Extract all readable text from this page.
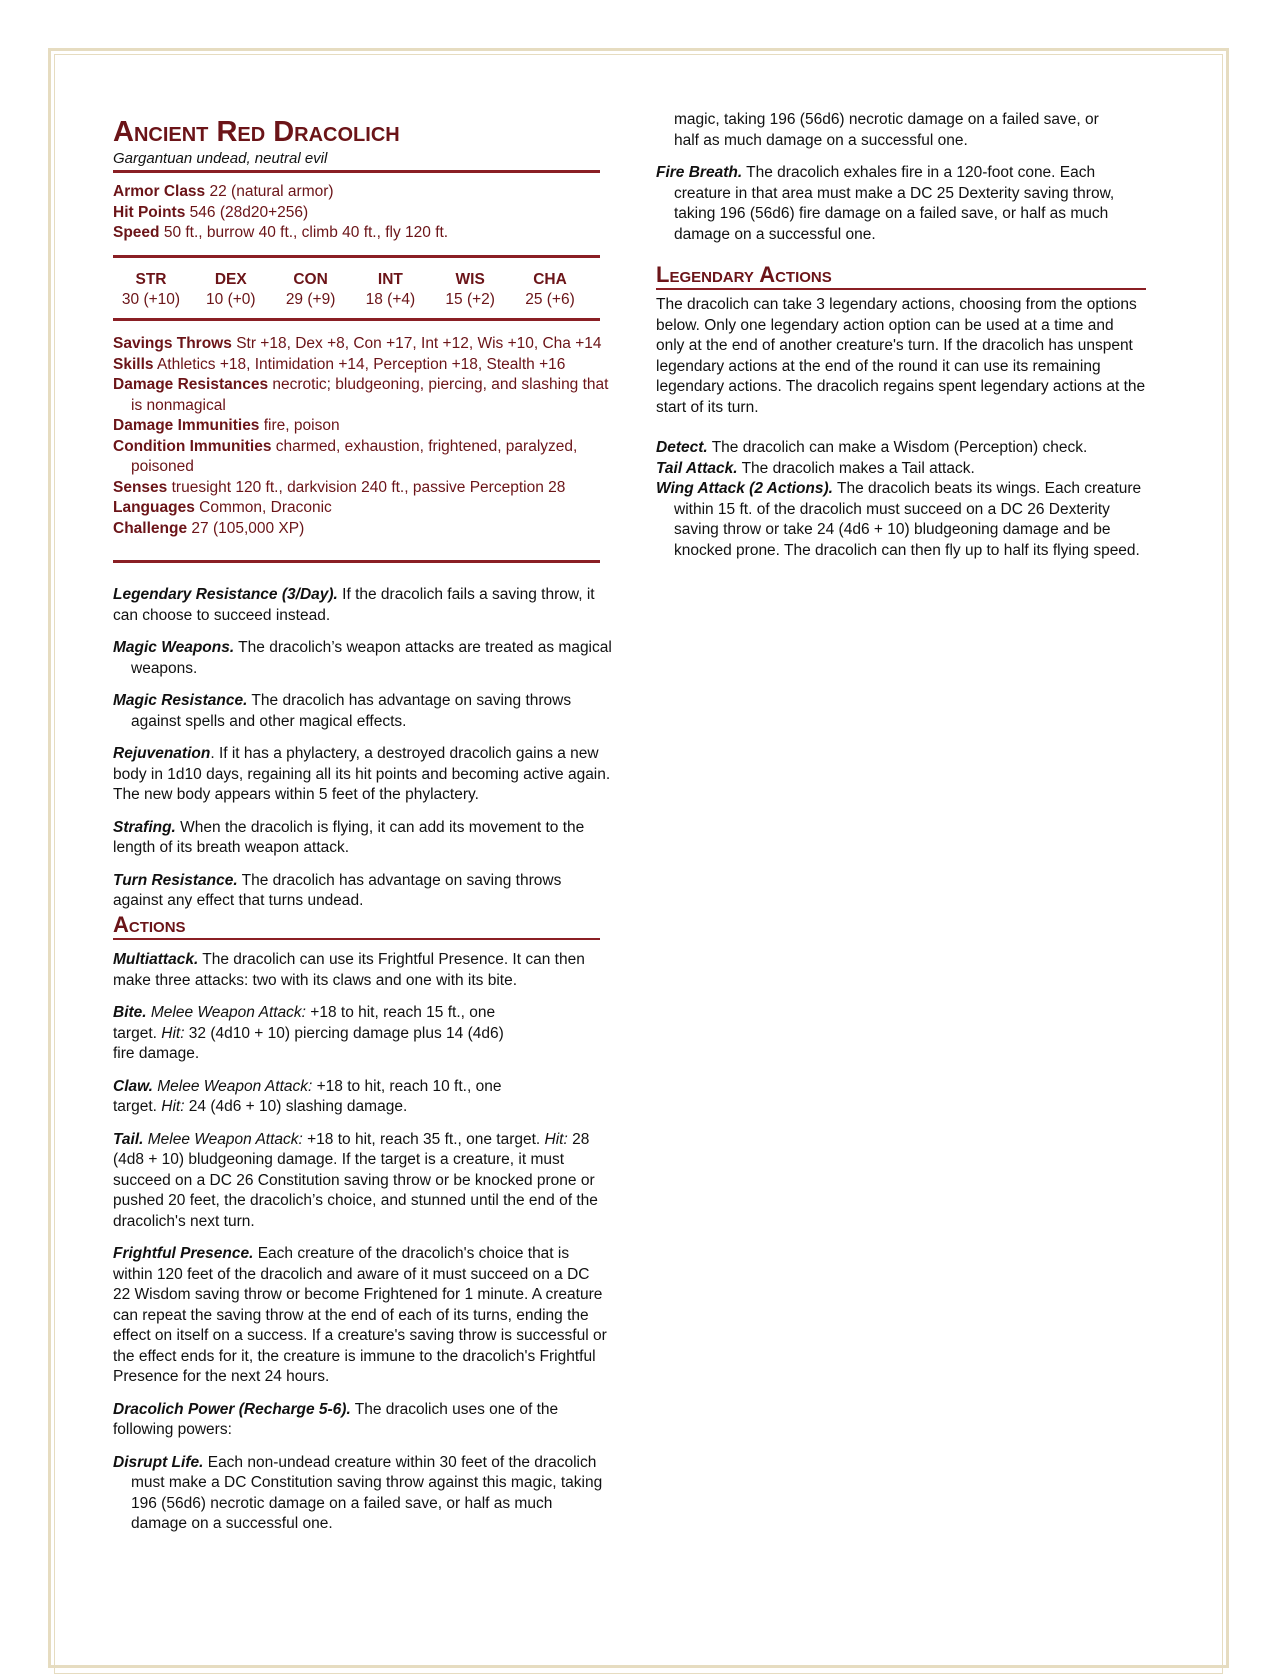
Ancient Red Dracolich

Gargantuan undead, neutral evil

Armor Class 22 (natural armor)

Hit Points 546 (28d20+256)

Speed 50 ft., burrow 40 ft., climb 40 ft., fly 120 ft.

STR
30 (+10)
DEX
10 (+0)
CON
29 (+9)
INT
18 (+4)
WIS
15 (+2)
CHA
25 (+6)

Savings Throws Str +18, Dex +8, Con +17, Int +12, Wis +10, Cha +14

Skills Athletics +18, Intimidation +14, Perception +18, Stealth +16

Damage Resistances necrotic; bludgeoning, piercing, and slashing that is nonmagical

Damage Immunities fire, poison

Condition Immunities charmed, exhaustion, frightened, paralyzed, poisoned

Senses truesight 120 ft., darkvision 240 ft., passive Perception 28

Languages Common, Draconic

Challenge 27 (105,000 XP)

Legendary Resistance (3/Day). If the dracolich fails a saving throw, it can choose to succeed instead.

Magic Weapons. The dracolich’s weapon attacks are treated as magical weapons.

Magic Resistance. The dracolich has advantage on saving throws against spells and other magical effects.

Rejuvenation. If it has a phylactery, a destroyed dracolich gains a new body in 1d10 days, regaining all its hit points and becoming active again. The new body appears within 5 feet of the phylactery.

Strafing. When the dracolich is flying, it can add its movement to the length of its breath weapon attack.

Turn Resistance. The dracolich has advantage on saving throws against any effect that turns undead.

Actions

Multiattack. The dracolich can use its Frightful Presence. It can then make three attacks: two with its claws and one with its bite.

Bite. Melee Weapon Attack: +18 to hit, reach 15 ft., one target. Hit: 32 (4d10 + 10) piercing damage plus 14 (4d6) fire damage.

Claw. Melee Weapon Attack: +18 to hit, reach 10 ft., one target. Hit: 24 (4d6 + 10) slashing damage.

Tail. Melee Weapon Attack: +18 to hit, reach 35 ft., one target. Hit: 28 (4d8 + 10) bludgeoning damage. If the target is a creature, it must succeed on a DC 26 Constitution saving throw or be knocked prone or pushed 20 feet, the dracolich’s choice, and stunned until the end of the dracolich's next turn.

Frightful Presence. Each creature of the dracolich's choice that is within 120 feet of the dracolich and aware of it must succeed on a DC 22 Wisdom saving throw or become Frightened for 1 minute. A creature can repeat the saving throw at the end of each of its turns, ending the effect on itself on a success. If a creature's saving throw is successful or the effect ends for it, the creature is immune to the dracolich's Frightful Presence for the next 24 hours.

Dracolich Power (Recharge 5-6). The dracolich uses one of the following powers:

Disrupt Life. Each non-undead creature within 30 feet of the dracolich must make a DC Constitution saving throw against this magic, taking 196 (56d6) necrotic damage on a failed save, or half as much damage on a successful one.

magic, taking 196 (56d6) necrotic damage on a failed save, or half as much damage on a successful one.

Fire Breath. The dracolich exhales fire in a 120-foot cone. Each creature in that area must make a DC 25 Dexterity saving throw, taking 196 (56d6) fire damage on a failed save, or half as much damage on a successful one.

Legendary Actions

The dracolich can take 3 legendary actions, choosing from the options below. Only one legendary action option can be used at a time and only at the end of another creature's turn. If the dracolich has unspent legendary actions at the end of the round it can use its remaining legendary actions. The dracolich regains spent legendary actions at the start of its turn.

Detect. The dracolich can make a Wisdom (Perception) check.

Tail Attack. The dracolich makes a Tail attack.

Wing Attack (2 Actions). The dracolich beats its wings. Each creature within 15 ft. of the dracolich must succeed on a DC 26 Dexterity saving throw or take 24 (4d6 + 10) bludgeoning damage and be knocked prone. The dracolich can then fly up to half its flying speed.
